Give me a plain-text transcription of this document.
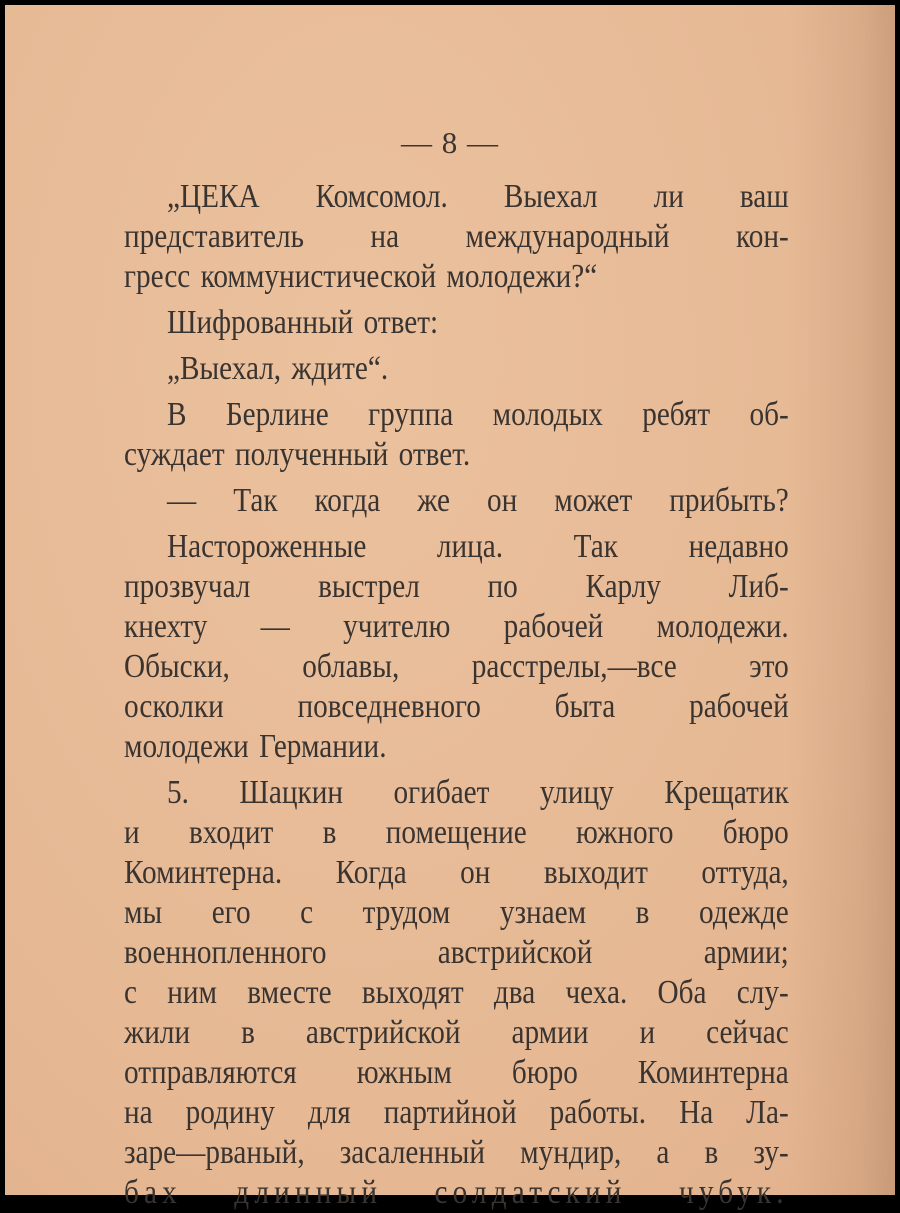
— 8 —
„ЦЕКА Комсомол. Выехал ли ваш
представитель на международный кон-
гресс коммунистической молодежи?“
Шифрованный ответ:
„Выехал, ждите“.
В Берлине группа молодых ребят об-
суждает полученный ответ.
— Так когда же он может прибыть?
Настороженные лица. Так недавно
прозвучал выстрел по Карлу Либ-
кнехту — учителю рабочей молодежи.
Обыски, облавы, расстрелы,—все это
осколки повседневного быта рабочей
молодежи Германии.
5. Шацкин огибает улицу Крещатик
и входит в помещение южного бюро
Коминтерна. Когда он выходит оттуда,
мы его с трудом узнаем в одежде
военнопленного	австрийской	армии;
с ним вместе выходят два чеха. Оба слу-
жили в австрийской армии и сейчас
отправляются южным бюро Коминтерна
на родину для партийной работы. На Ла-
заре—рваный, засаленный мундир, а в зу-
бах длинный солдатский чубук.
